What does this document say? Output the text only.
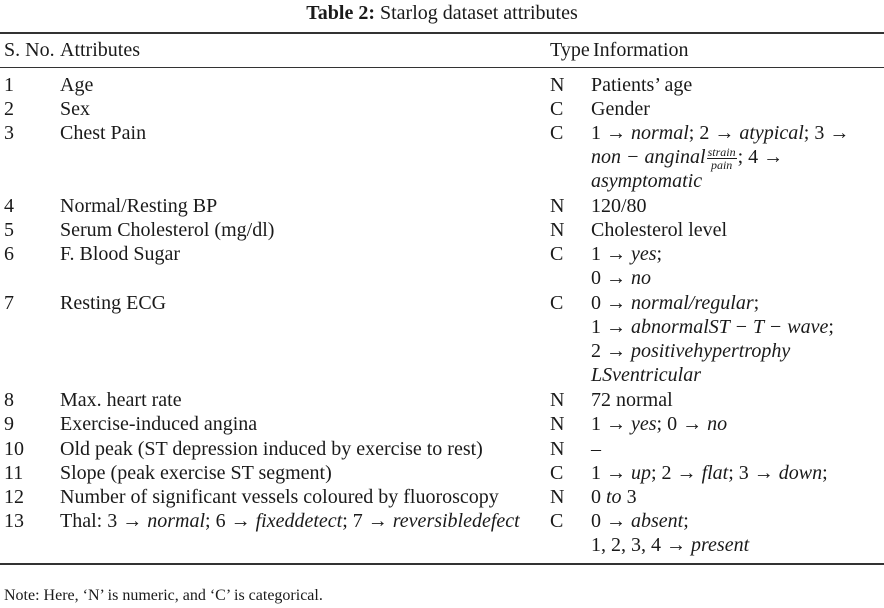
Table 2: Starlog dataset attributes
S. No. Attributes	Type Information
1 Age	N Patients’ age
2 Sex	C Gender
3 Chest Pain	C 1 → normal; 2 → atypical; 3 →
non − anginal $\frac{\text{strain}}{\text{pain}}$ ; 4 →
asymptomatic
4 Normal/Resting BP	N 120/80
5 Serum Cholesterol (mg/dl)	N Cholesterol level
6 F. Blood Sugar	C 1 → yes;
0 → no
7 Resting ECG	C 0 → normal/regular;
1 → abnormalST − T − wave;
2 → positivehypertrophy
LSventricular
8 Max. heart rate	N 72 normal
9 Exercise-induced angina	N 1 → yes; 0 → no
10 Old peak (ST depression induced by exercise to rest)	N –
11 Slope (peak exercise ST segment)	C 1 → up; 2 → flat; 3 → down;
12 Number of significant vessels coloured by fluoroscopy	N 0 to 3
13 Thal: 3 → normal; 6 → fixeddetect; 7 → reversibledefect C 0 → absent;
1, 2, 3, 4 → present
Note: Here, ‘N’ is numeric, and ‘C’ is categorical.
